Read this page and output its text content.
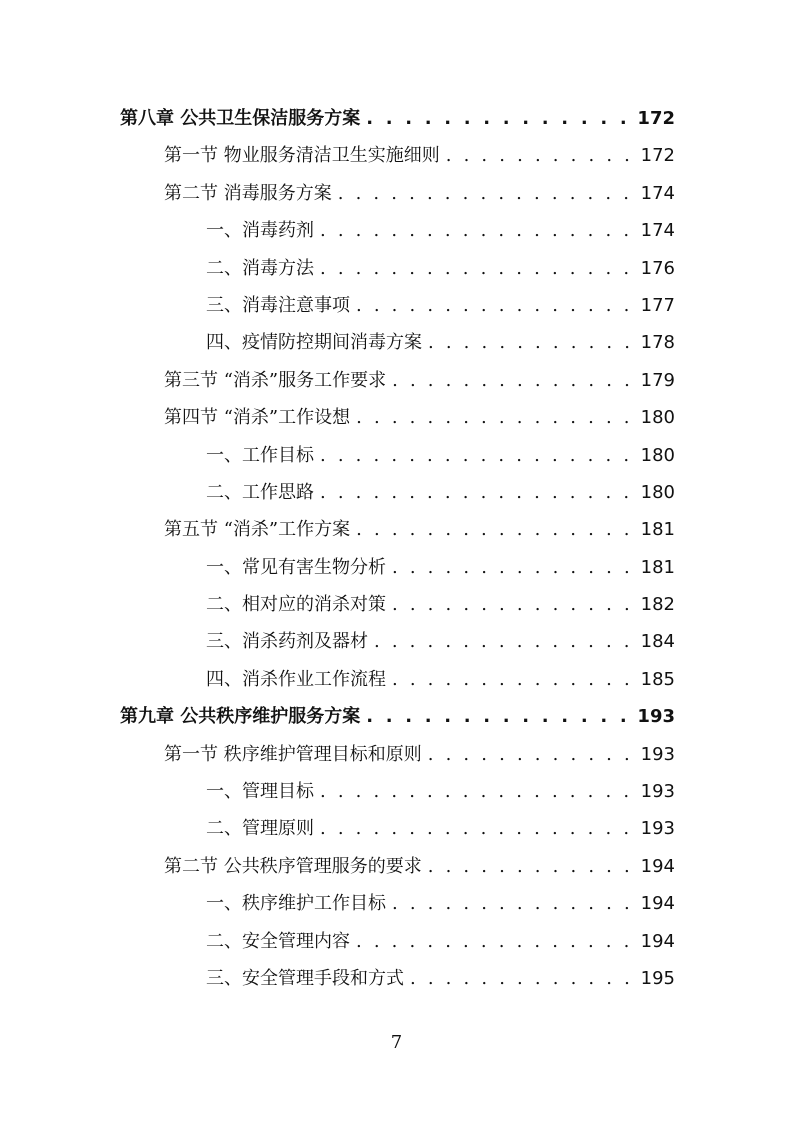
第八章 公共卫生保洁服务方案 . . .	172
第一节 物业服务清洁卫生实施细则 . . .	172
第二节 消毒服务方案 . . .	174
一、消毒药剂 . . .	174
二、消毒方法 . . .	176
三、消毒注意事项 . . .	177
四、疫情防控期间消毒方案 . . .	178
第三节 “消杀”服务工作要求 . . .	179
第四节 “消杀”工作设想 . . .	180
一、工作目标 . . .	180
二、工作思路 . . .	180
第五节 “消杀”工作方案 . . .	181
一、常见有害生物分析 . . .	181
二、相对应的消杀对策 . . .	182
三、消杀药剂及器材 . . .	184
四、消杀作业工作流程 . . .	185
第九章 公共秩序维护服务方案 . . .	193
第一节 秩序维护管理目标和原则 . . .	193
一、管理目标 . . .	193
二、管理原则 . . .	193
第二节 公共秩序管理服务的要求 . . .	194
一、秩序维护工作目标 . . .	194
二、安全管理内容 . . .	194
三、安全管理手段和方式 . . .	195
7
